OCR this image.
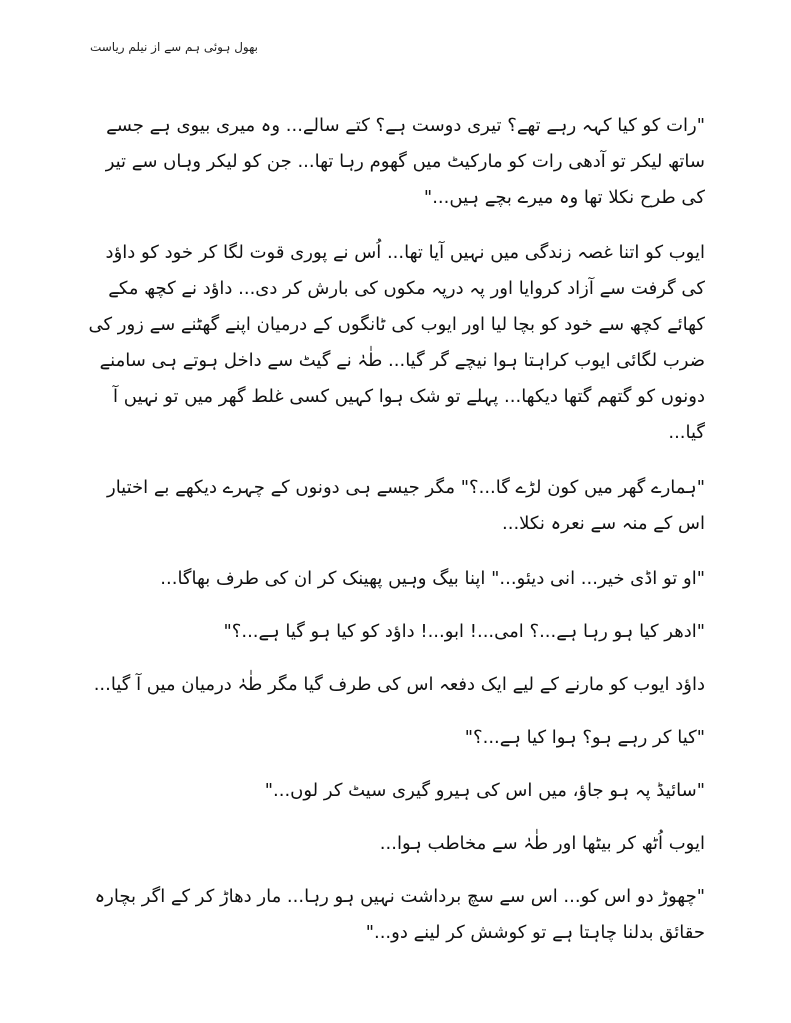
بھول ہوئی ہم سے از نیلم ریاست

"رات کو کیا کہہ رہے تھے؟ تیری دوست ہے؟ کتے سالے... وہ میری بیوی ہے جسے ساتھ لیکر تو آدھی رات کو مارکیٹ میں گھوم رہا تھا... جن کو لیکر وہاں سے تیر کی طرح نکلا تھا وہ میرے بچے ہیں..."

ایوب کو اتنا غصہ زندگی میں نہیں آیا تھا... اُس نے پوری قوت لگا کر خود کو داؤد کی گرفت سے آزاد کروایا اور پہ درپہ مکوں کی بارش کر دی... داؤد نے کچھ مکے کھائے کچھ سے خود کو بچا لیا اور ایوب کی ٹانگوں کے درمیان اپنے گھٹنے سے زور کی ضرب لگائی ایوب کراہتا ہوا نیچے گر گیا... طٰہٰ نے گیٹ سے داخل ہوتے ہی سامنے دونوں کو گتھم گتھا دیکھا... پہلے تو شک ہوا کہیں کسی غلط گھر میں تو نہیں آ گیا...

"ہمارے گھر میں کون لڑے گا...؟" مگر جیسے ہی دونوں کے چہرے دیکھے بے اختیار اس کے منہ سے نعرہ نکلا...

"او تو اڈی خیر... انی دیئو..." اپنا بیگ وہیں پھینک کر ان کی طرف بھاگا...

"ادھر کیا ہو رہا ہے...؟ امی...! ابو...! داؤد کو کیا ہو گیا ہے...؟"

داؤد ایوب کو مارنے کے لیے ایک دفعہ اس کی طرف گیا مگر طٰہٰ درمیان میں آ گیا...

"کیا کر رہے ہو؟ ہوا کیا ہے...؟"

"سائیڈ پہ ہو جاؤ، میں اس کی ہیرو گیری سیٹ کر لوں..."

ایوب اُٹھ کر بیٹھا اور طٰہٰ سے مخاطب ہوا...

"چھوڑ دو اس کو... اس سے سچ برداشت نہیں ہو رہا... مار دھاڑ کر کے اگر بچارہ حقائق بدلنا چاہتا ہے تو کوشش کر لینے دو..."
